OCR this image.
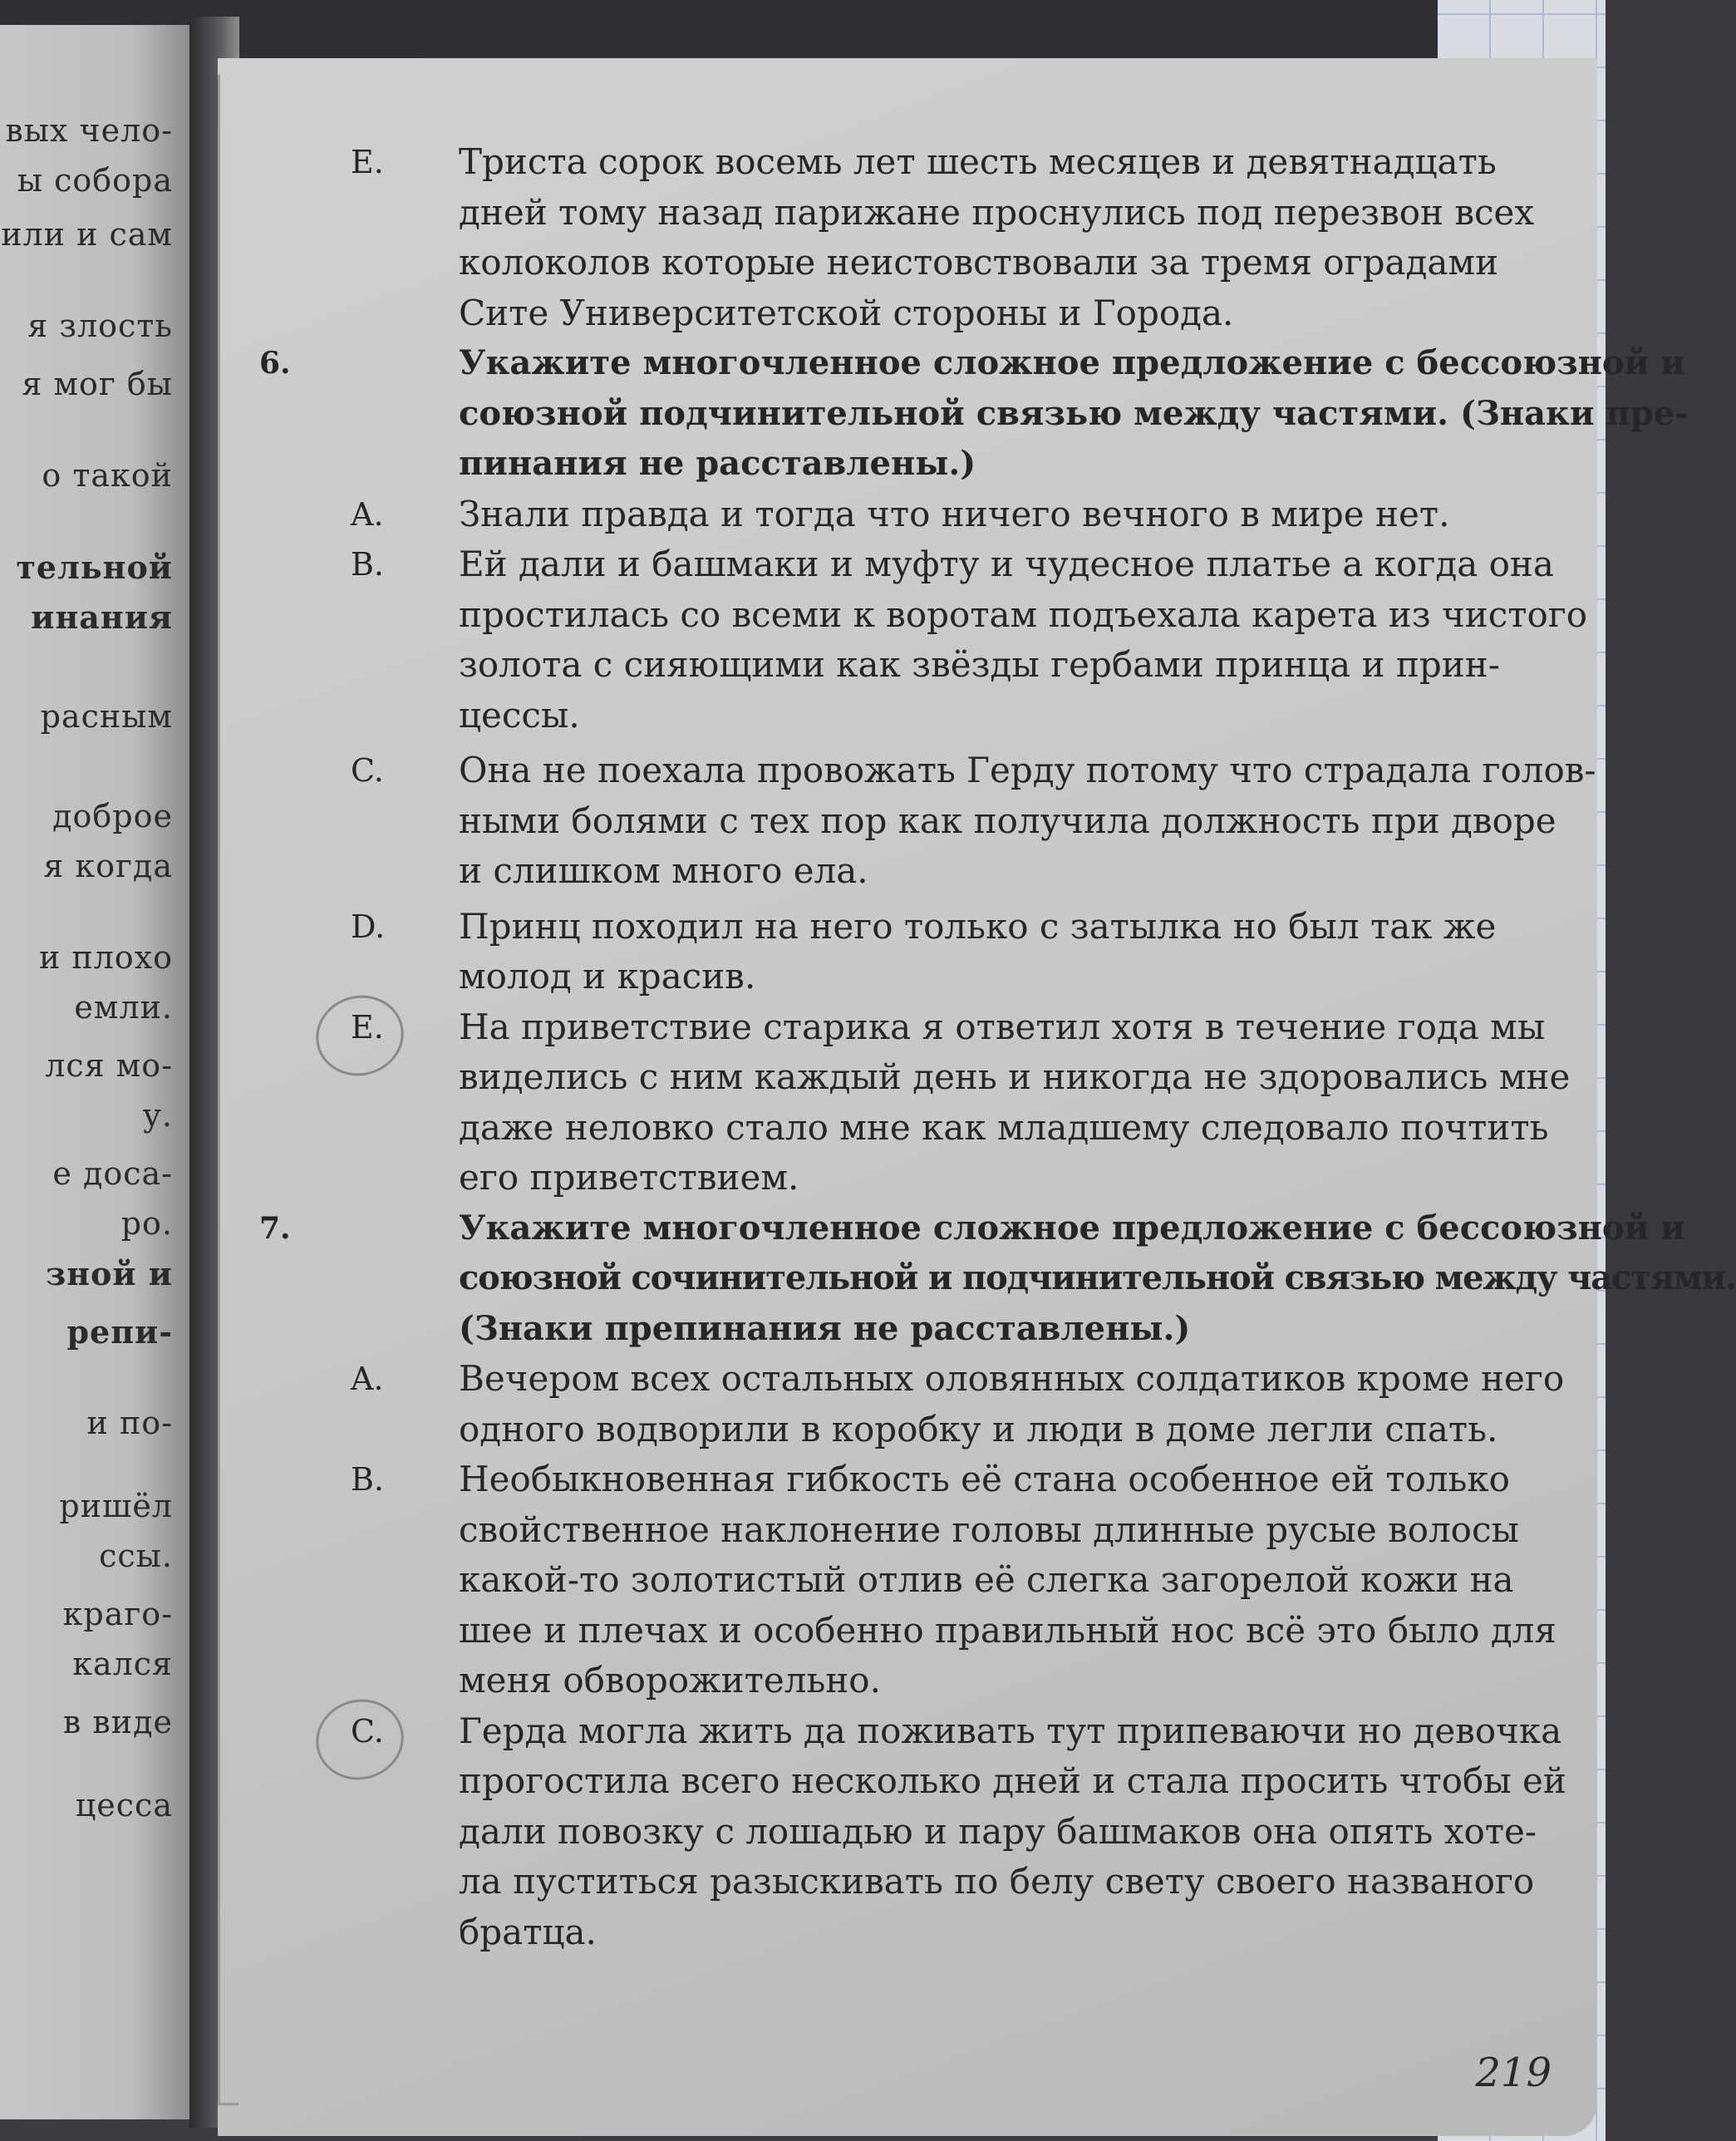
вых чело-
ы собора
или и сам
я злость
я мог бы
о такой
тельной
инания
расным
доброе
я когда
и плохо
емли.
лся мо-
у.
е доса-
ро.
зной и
репи-
и по-
ришёл
ссы.
краго-
кался
в виде
цесса
E.	Триста сорок восемь лет шесть месяцев и девятнадцать
дней тому назад парижане проснулись под перезвон всех
колоколов которые неистовствовали за тремя оградами
Сите Университетской стороны и Города.
6.	Укажите многочленное сложное предложение с бессоюзной и
союзной подчинительной связью между частями. (Знаки пре-
пинания не расставлены.)
A.	Знали правда и тогда что ничего вечного в мире нет.
B.	Ей дали и башмаки и муфту и чудесное платье а когда она
простилась со всеми к воротам подъехала карета из чистого
золота с сияющими как звёзды гербами принца и прин-
цессы.
C.	Она не поехала провожать Герду потому что страдала голов-
ными болями с тех пор как получила должность при дворе
и слишком много ела.
D.	Принц походил на него только с затылка но был так же
молод и красив.
E.	На приветствие старика я ответил хотя в течение года мы
виделись с ним каждый день и никогда не здоровались мне
даже неловко стало мне как младшему следовало почтить
его приветствием.
7.	Укажите многочленное сложное предложение с бессоюзной и
союзной сочинительной и подчинительной связью между частями.
(Знаки препинания не расставлены.)
A.	Вечером всех остальных оловянных солдатиков кроме него
одного водворили в коробку и люди в доме легли спать.
B.	Необыкновенная гибкость её стана особенное ей только
свойственное наклонение головы длинные русые волосы
какой-то золотистый отлив её слегка загорелой кожи на
шее и плечах и особенно правильный нос всё это было для
меня обворожительно.
C.	Герда могла жить да поживать тут припеваючи но девочка
прогостила всего несколько дней и стала просить чтобы ей
дали повозку с лошадью и пару башмаков она опять хоте-
ла пуститься разыскивать по белу свету своего названого
братца.
219
